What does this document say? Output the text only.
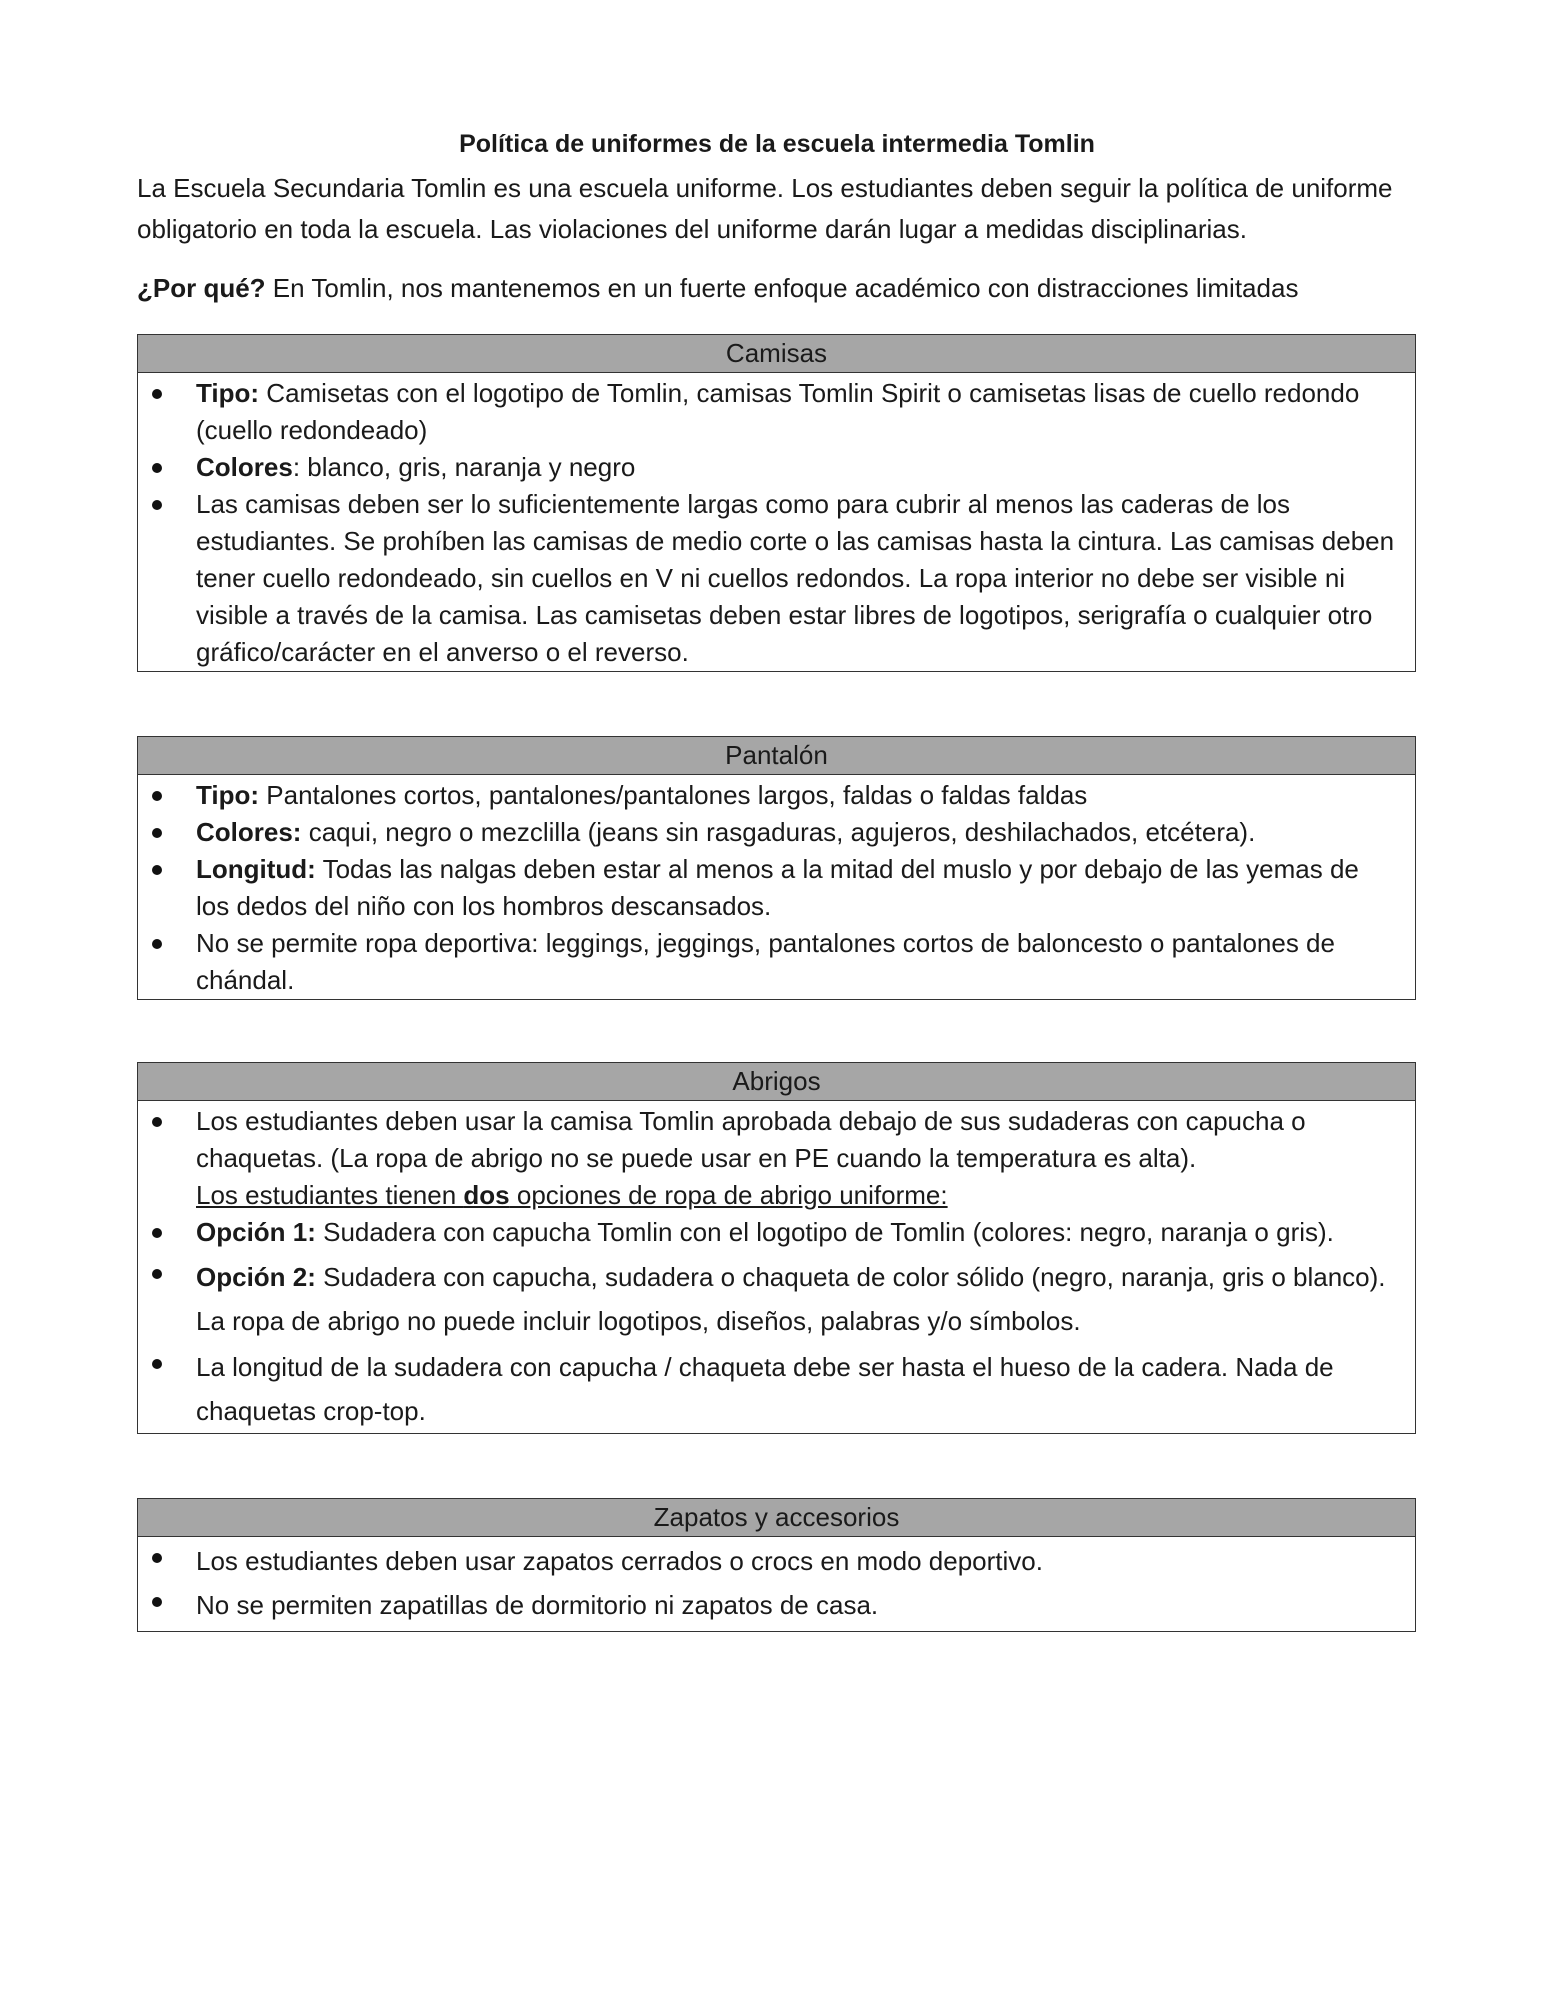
Política de uniformes de la escuela intermedia Tomlin

La Escuela Secundaria Tomlin es una escuela uniforme. Los estudiantes deben seguir la política de uniforme obligatorio en toda la escuela. Las violaciones del uniforme darán lugar a medidas disciplinarias.

¿Por qué? En Tomlin, nos mantenemos en un fuerte enfoque académico con distracciones limitadas

Camisas
Tipo: Camisetas con el logotipo de Tomlin, camisas Tomlin Spirit o camisetas lisas de cuello redondo (cuello redondeado)
Colores: blanco, gris, naranja y negro
Las camisas deben ser lo suficientemente largas como para cubrir al menos las caderas de los estudiantes. Se prohíben las camisas de medio corte o las camisas hasta la cintura. Las camisas deben tener cuello redondeado, sin cuellos en V ni cuellos redondos. La ropa interior no debe ser visible ni visible a través de la camisa. Las camisetas deben estar libres de logotipos, serigrafía o cualquier otro gráfico/carácter en el anverso o el reverso.
Pantalón
Tipo: Pantalones cortos, pantalones/pantalones largos, faldas o faldas faldas
Colores: caqui, negro o mezclilla (jeans sin rasgaduras, agujeros, deshilachados, etcétera).
Longitud: Todas las nalgas deben estar al menos a la mitad del muslo y por debajo de las yemas de los dedos del niño con los hombros descansados.
No se permite ropa deportiva: leggings, jeggings, pantalones cortos de baloncesto o pantalones de chándal.
Abrigos
Los estudiantes deben usar la camisa Tomlin aprobada debajo de sus sudaderas con capucha o chaquetas. (La ropa de abrigo no se puede usar en PE cuando la temperatura es alta).
Los estudiantes tienen dos opciones de ropa de abrigo uniforme:
Opción 1: Sudadera con capucha Tomlin con el logotipo de Tomlin (colores: negro, naranja o gris).
Opción 2: Sudadera con capucha, sudadera o chaqueta de color sólido (negro, naranja, gris o blanco). La ropa de abrigo no puede incluir logotipos, diseños, palabras y/o símbolos.
La longitud de la sudadera con capucha / chaqueta debe ser hasta el hueso de la cadera. Nada de chaquetas crop-top.
Zapatos y accesorios
Los estudiantes deben usar zapatos cerrados o crocs en modo deportivo.
No se permiten zapatillas de dormitorio ni zapatos de casa.
